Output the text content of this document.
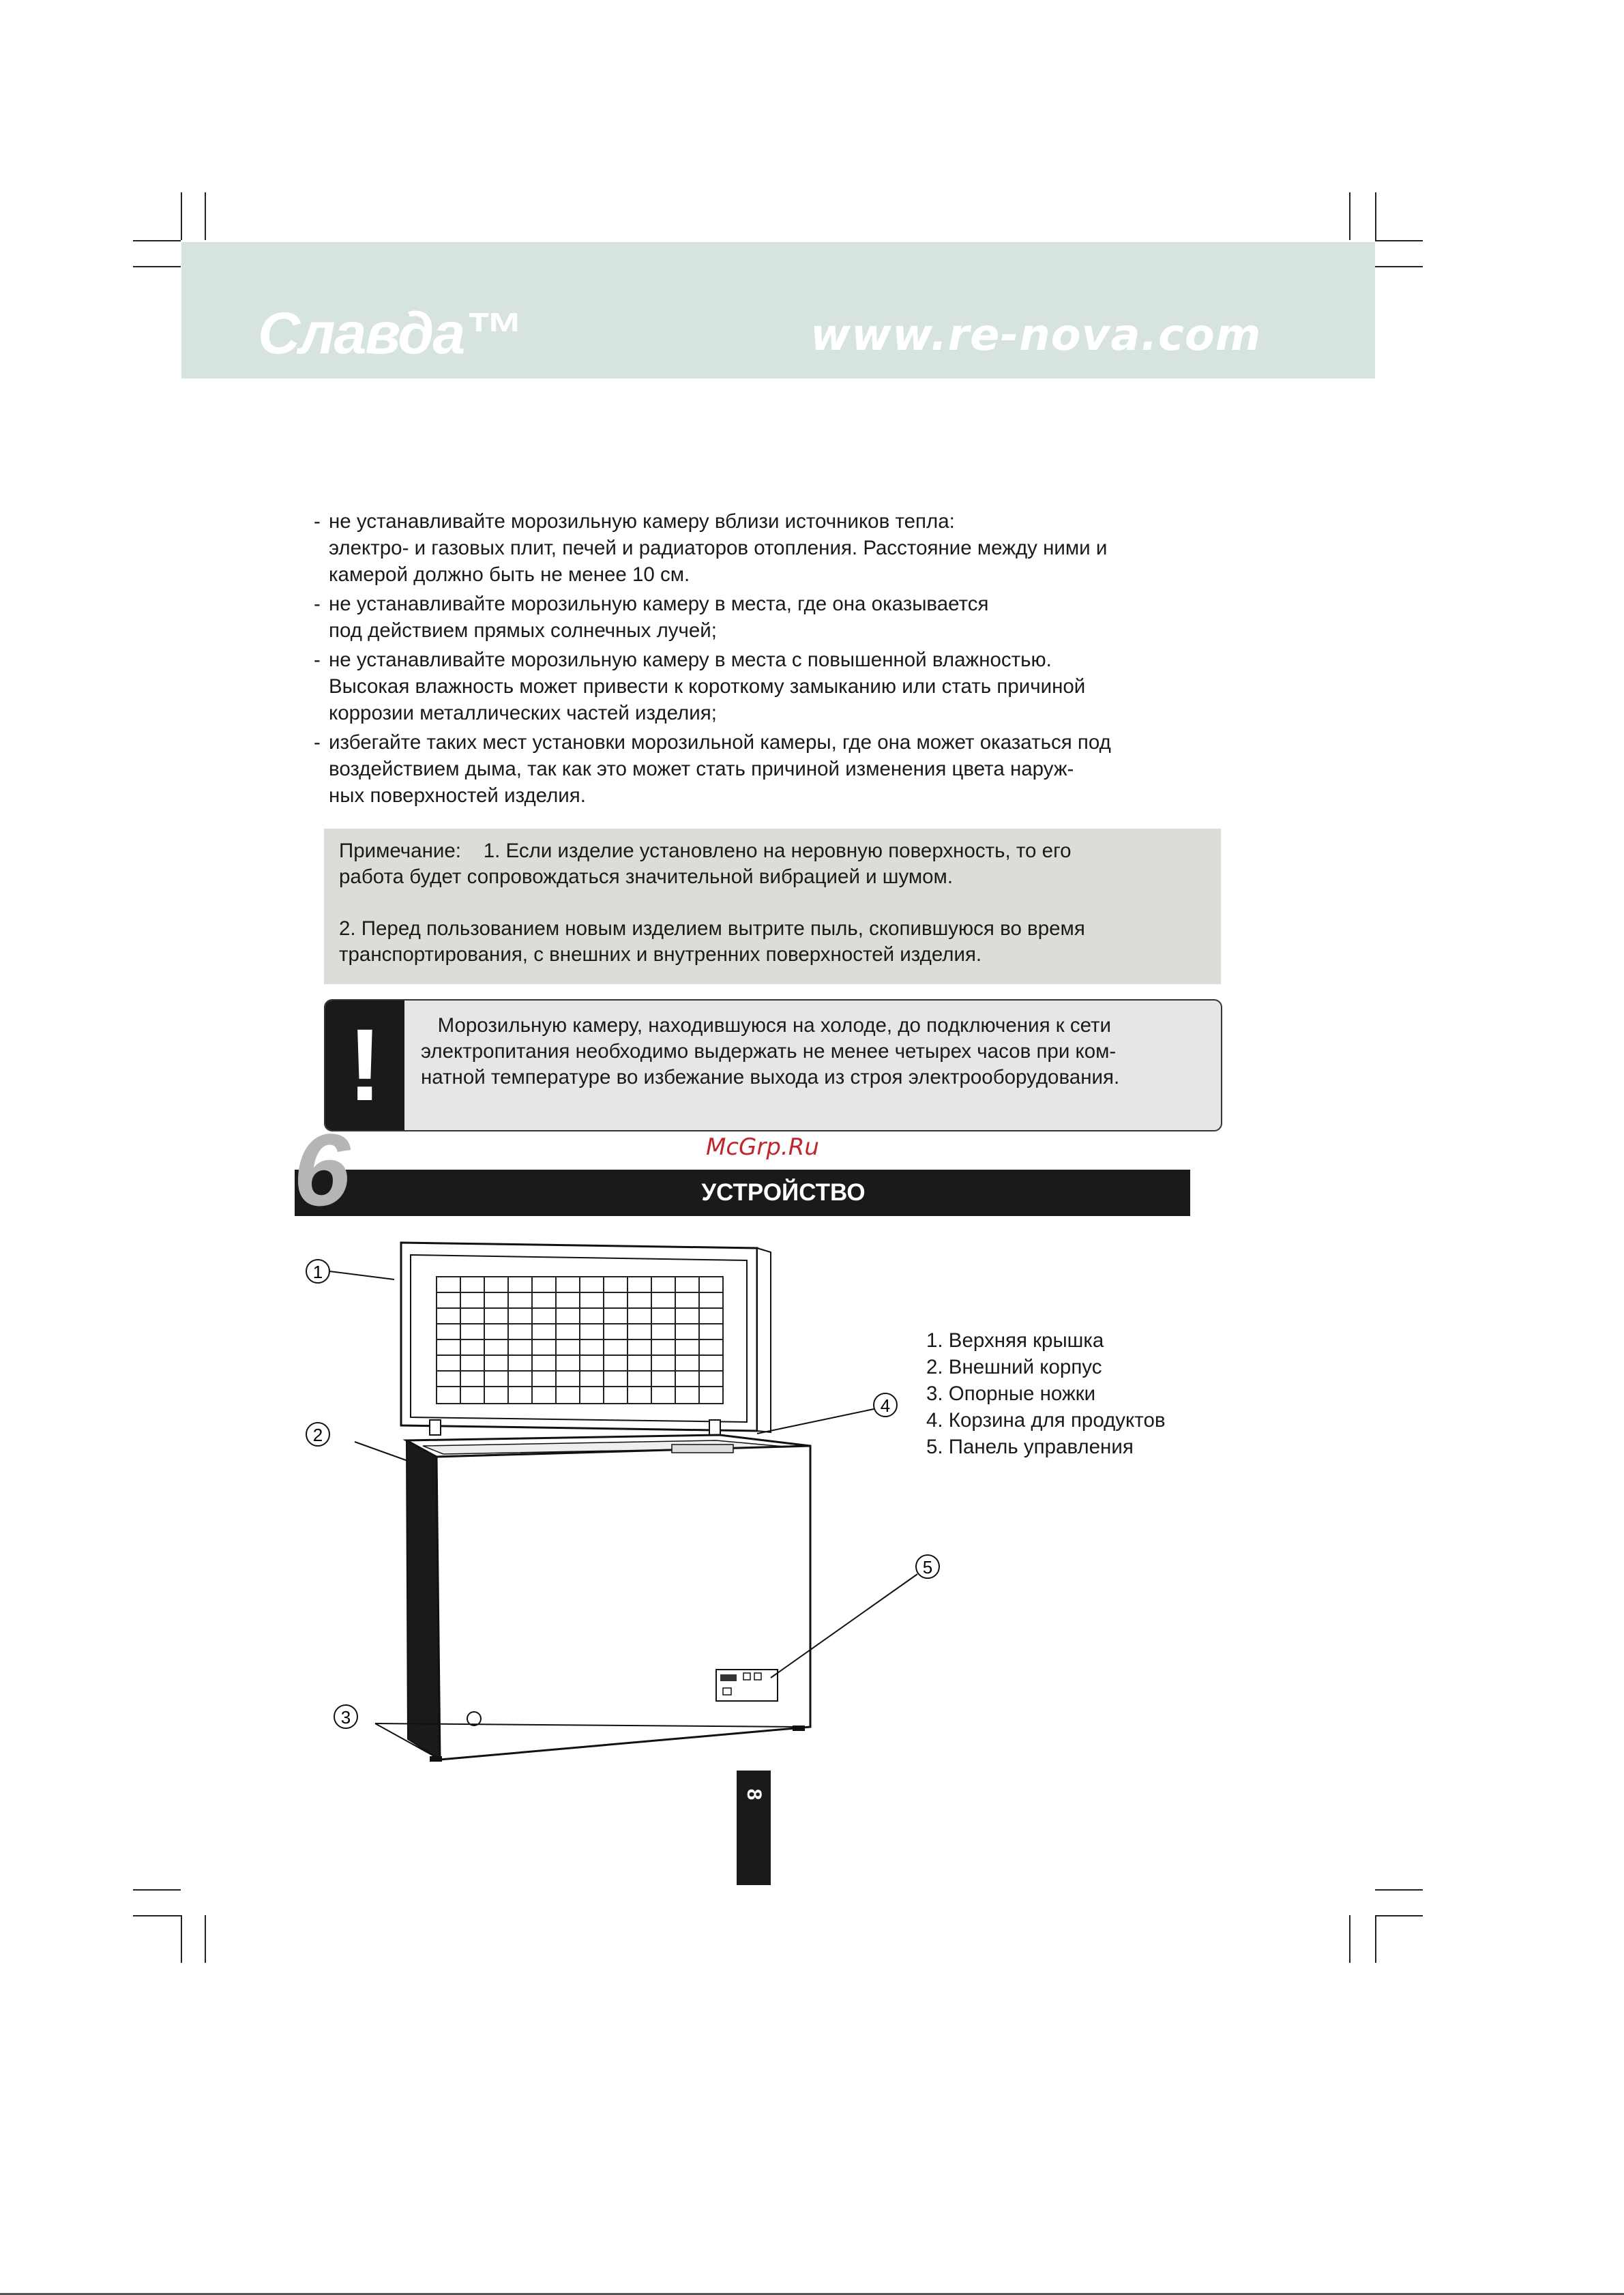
Славда™	www.re-nova.com
- не устанавливайте морозильную камеру вблизи источников тепла:
электро- и газовых плит, печей и радиаторов отопления. Расстояние между ними и
камерой должно быть не менее 10 см.
- не устанавливайте морозильную камеру в места, где она оказывается
под действием прямых солнечных лучей;
- не устанавливайте морозильную камеру в места с повышенной влажностью.
Высокая влажность может привести к короткому замыканию или стать причиной
коррозии металлических частей изделия;
- избегайте таких мест установки морозильной камеры, где она может оказаться под
воздействием дыма, так как это может стать причиной изменения цвета наруж-
ных поверхностей изделия.
Примечание:    1. Если изделие установлено на неровную поверхность, то его
работа будет сопровождаться значительной вибрацией и шумом.
2. Перед пользованием новым изделием вытрите пыль, скопившуюся во время
транспортирования, с внешних и внутренних поверхностей изделия.
!	Морозильную камеру, находившуюся на холоде, до подключения к сети
электропитания необходимо выдержать не менее четырех часов при ком-
натной температуре во избежание выхода из строя электрооборудования.
McGrp.Ru
УСТРОЙСТВО
6
1
2
3
4
5
1. Верхняя крышка
2. Внешний корпус
3. Опорные ножки
4. Корзина для продуктов
5. Панель управления
8
